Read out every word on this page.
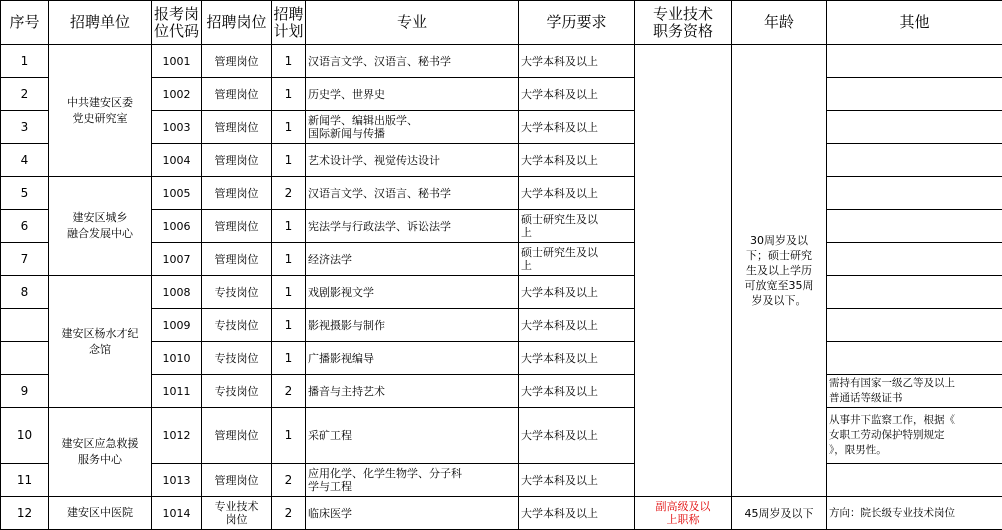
序号	招聘单位	报考岗
位代码	招聘岗位	招聘
计划	专业	学历要求	专业技术
职务资格	年龄	其他
1	中共建安区委
党史研究室	1001	管理岗位	1	汉语言文学、汉语言、秘书学	大学本科及以上		30周岁及以
下；硕士研究
生及以上学历
可放宽至35周
岁及以下。	
2		1002	管理岗位	1	历史学、世界史	大学本科及以上			
3		1003	管理岗位	1	新闻学、编辑出版学、
国际新闻与传播	大学本科及以上			
4		1004	管理岗位	1	艺术设计学、视觉传达设计	大学本科及以上			
5	建安区城乡
融合发展中心	1005	管理岗位	2	汉语言文学、汉语言、秘书学	大学本科及以上			
6		1006	管理岗位	1	宪法学与行政法学、诉讼法学	硕士研究生及以
上			
7		1007	管理岗位	1	经济法学	硕士研究生及以
上			
8	建安区杨水才纪
念馆	1008	专技岗位	1	戏剧影视文学	大学本科及以上			
		1009	专技岗位	1	影视摄影与制作	大学本科及以上			
		1010	专技岗位	1	广播影视编导	大学本科及以上			
9		1011	专技岗位	2	播音与主持艺术	大学本科及以上			需持有国家一级乙等及以上
普通话等级证书
10	建安区应急救援
服务中心	1012	管理岗位	1	采矿工程	大学本科及以上			从事井下监察工作，根据《
女职工劳动保护特别规定
》，限男性。
11		1013	管理岗位	2	应用化学、化学生物学、分子科
学与工程	大学本科及以上			
12	建安区中医院	1014	专业技术
岗位	2	临床医学	大学本科及以上	副高级及以
上职称	45周岁及以下	方向：院长级专业技术岗位
